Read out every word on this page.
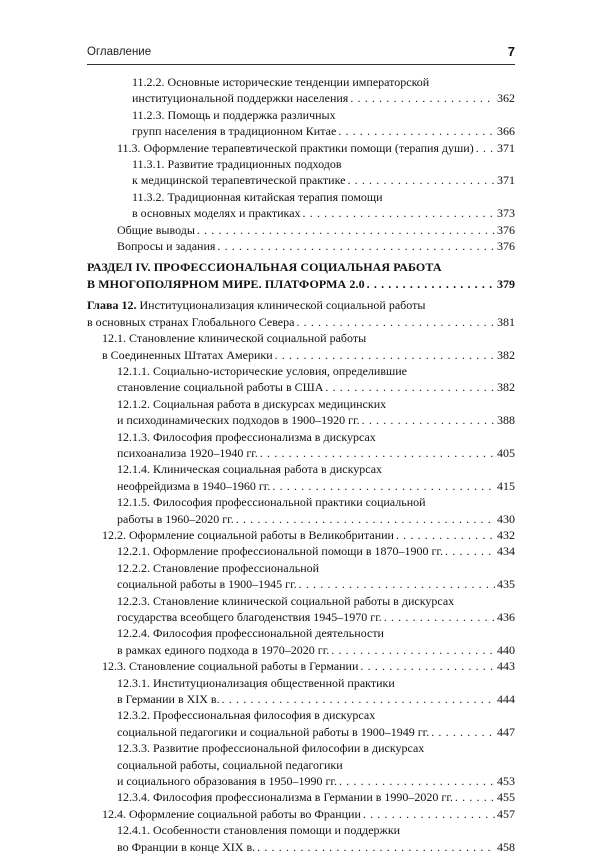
Оглавление	7
11.2.2. Основные исторические тенденции императорской
институциональной поддержки населения . . .	362
11.2.3. Помощь и поддержка различных
групп населения в традиционном Китае . . .	366
11.3. Оформление терапевтической практики помощи (терапия души) . . . 371
11.3.1. Развитие традиционных подходов
к медицинской терапевтической практике . . .	371
11.3.2. Традиционная китайская терапия помощи
в основных моделях и практиках . . .	373
Общие выводы . . .	376
Вопросы и задания . . .	376
РАЗДЕЛ IV. ПРОФЕССИОНАЛЬНАЯ СОЦИАЛЬНАЯ РАБОТА
В МНОГОПОЛЯРНОМ МИРЕ. ПЛАТФОРМА 2.0 . . .	379
Глава 12. Институционализация клинической социальной работы
в основных странах Глобального Севера . . .	381
12.1. Становление клинической социальной работы
в Соединенных Штатах Америки . . .	382
12.1.1. Социально-исторические условия, определившие
становление социальной работы в США . . .	382
12.1.2. Социальная работа в дискурсах медицинских
и психодинамических подходов в 1900–1920 гг. . . .	388
12.1.3. Философия профессионализма в дискурсах
психоанализа 1920–1940 гг. . . .	405
12.1.4. Клиническая социальная работа в дискурсах
неофрейдизма в 1940–1960 гг. . . .	415
12.1.5. Философия профессиональной практики социальной
работы в 1960–2020 гг. . . .	430
12.2. Оформление социальной работы в Великобритании . . .	432
12.2.1. Оформление профессиональной помощи в 1870–1900 гг. . . .	434
12.2.2. Становление профессиональной
социальной работы в 1900–1945 гг. . . .	435
12.2.3. Становление клинической социальной работы в дискурсах
государства всеобщего благоденствия 1945–1970 гг. . . .	436
12.2.4. Философия профессиональной деятельности
в рамках единого подхода в 1970–2020 гг. . . .	440
12.3. Становление социальной работы в Германии . . .	443
12.3.1. Институционализация общественной практики
в Германии в XIX в. . . .	444
12.3.2. Профессиональная философия в дискурсах
социальной педагогики и социальной работы в 1900–1949 гг. . . .	447
12.3.3. Развитие профессиональной философии в дискурсах
социальной работы, социальной педагогики
и социального образования в 1950–1990 гг. . . .	453
12.3.4. Философия профессионализма в Германии в 1990–2020 гг. . . .	455
12.4. Оформление социальной работы во Франции . . .	457
12.4.1. Особенности становления помощи и поддержки
во Франции в конце XIX в. . . .	458
